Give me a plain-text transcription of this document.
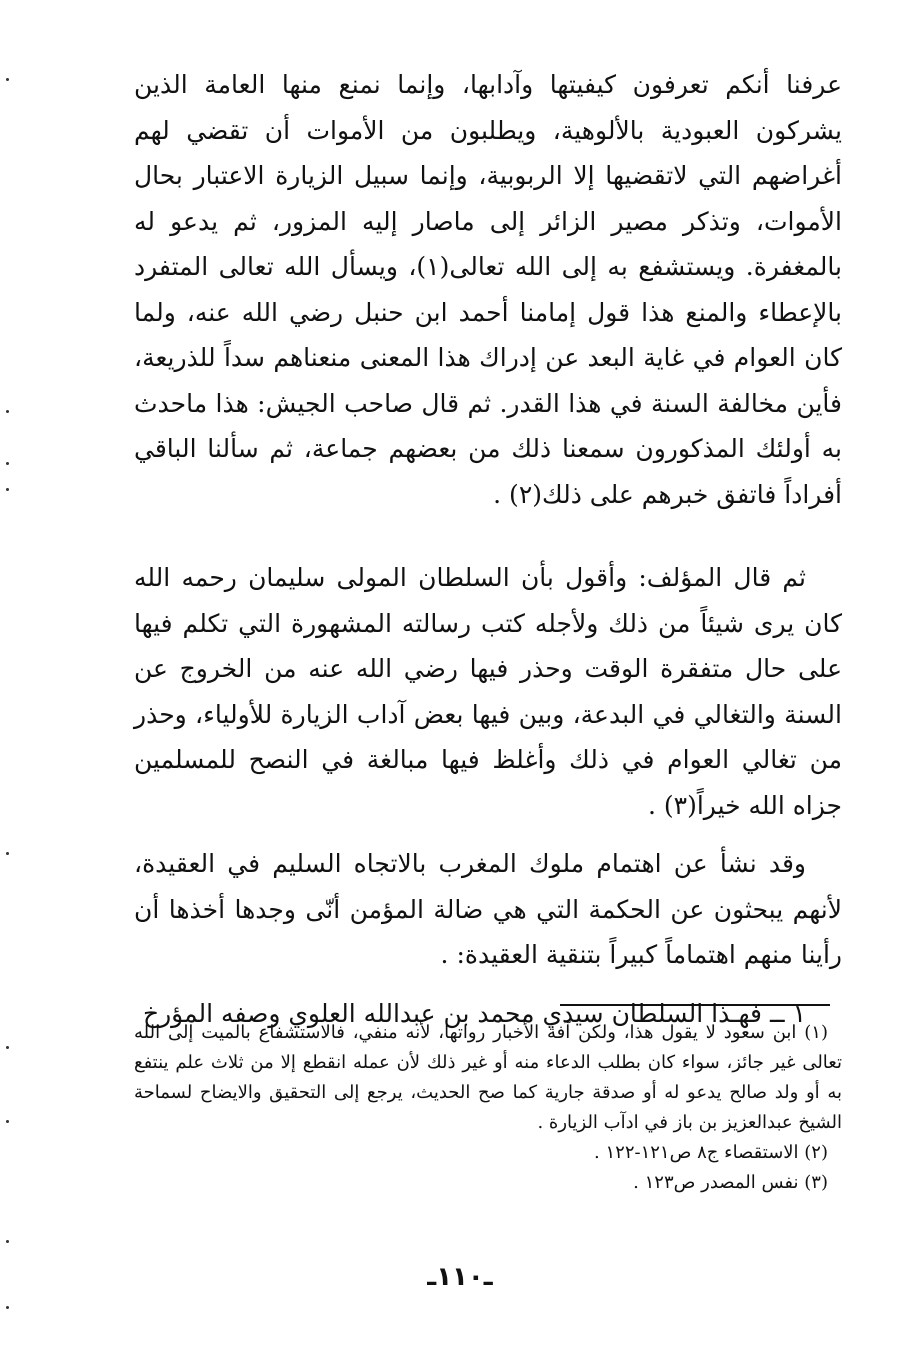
عرفنا أنكم تعرفون كيفيتها وآدابها، وإنما نمنع منها العامة الذين يشركون العبودية بالألوهية، ويطلبون من الأموات أن تقضي لهم أغراضهم التي لاتقضيها إلا الربوبية، وإنما سبيل الزيارة الاعتبار بحال الأموات، وتذكر مصير الزائر إلى ماصار إليه المزور، ثم يدعو له بالمغفرة. ويستشفع به إلى الله تعالى(١)، ويسأل الله تعالى المتفرد بالإعطاء والمنع هذا قول إمامنا أحمد ابن حنبل رضي الله عنه، ولما كان العوام في غاية البعد عن إدراك هذا المعنى منعناهم سداً للذريعة، فأين مخالفة السنة في هذا القدر. ثم قال صاحب الجيش: هذا ماحدث به أولئك المذكورون سمعنا ذلك من بعضهم جماعة، ثم سألنا الباقي أفراداً فاتفق خبرهم على ذلك(٢) .

ثم قال المؤلف: وأقول بأن السلطان المولى سليمان رحمه الله كان يرى شيئاً من ذلك ولأجله كتب رسالته المشهورة التي تكلم فيها على حال متفقرة الوقت وحذر فيها رضي الله عنه من الخروج عن السنة والتغالي في البدعة، وبين فيها بعض آداب الزيارة للأولياء، وحذر من تغالي العوام في ذلك وأغلظ فيها مبالغة في النصح للمسلمين جزاه الله خيراً(٣) .

وقد نشأ عن اهتمام ملوك المغرب بالاتجاه السليم في العقيدة، لأنهم يبحثون عن الحكمة التي هي ضالة المؤمن أنّى وجدها أخذها أن رأينا منهم اهتماماً كبيراً بتنقية العقيدة: .

١ ــ فهـذا السلطان سيدي محمد بن عبدالله العلوي وصفه المؤرخ

(١) ابن سعود لا يقول هذا، ولكن آفة الأخبار رواتها، لأنه منفي، فالاستشفاع بالميت إلى الله تعالى غير جائز، سواء كان بطلب الدعاء منه أو غير ذلك لأن عمله انقطع إلا من ثلاث علم ينتفع به أو ولد صالح يدعو له أو صدقة جارية كما صح الحديث، يرجع إلى التحقيق والايضاح لسماحة الشيخ عبدالعزيز بن باز في ادآب الزيارة .

(٢) الاستقصاء ج٨ ص١٢١-١٢٢ .

(٣) نفس المصدر ص١٢٣ .

ـ١١٠ـ
